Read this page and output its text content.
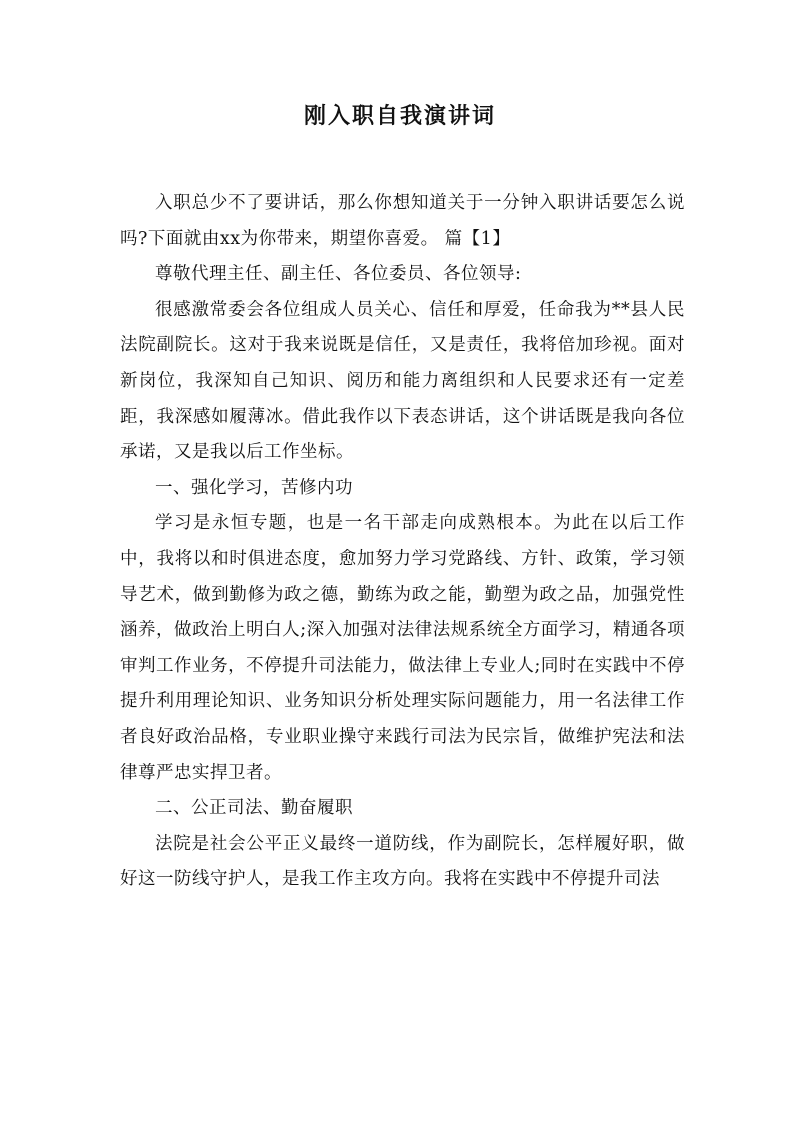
刚入职自我演讲词

入职总少不了要讲话，那么你想知道关于一分钟入职讲话要怎么说吗?下面就由xx为你带来，期望你喜爱。 篇【1】

尊敬代理主任、副主任、各位委员、各位领导:

很感激常委会各位组成人员关心、信任和厚爱，任命我为**县人民法院副院长。这对于我来说既是信任，又是责任，我将倍加珍视。面对新岗位，我深知自己知识、阅历和能力离组织和人民要求还有一定差距，我深感如履薄冰。借此我作以下表态讲话，这个讲话既是我向各位承诺，又是我以后工作坐标。

一、强化学习，苦修内功

学习是永恒专题，也是一名干部走向成熟根本。为此在以后工作中，我将以和时俱进态度，愈加努力学习党路线、方针、政策，学习领导艺术，做到勤修为政之德，勤练为政之能，勤塑为政之品，加强党性涵养，做政治上明白人;深入加强对法律法规系统全方面学习，精通各项审判工作业务，不停提升司法能力，做法律上专业人;同时在实践中不停提升利用理论知识、业务知识分析处理实际问题能力，用一名法律工作者良好政治品格，专业职业操守来践行司法为民宗旨，做维护宪法和法律尊严忠实捍卫者。

二、公正司法、勤奋履职

法院是社会公平正义最终一道防线，作为副院长，怎样履好职，做好这一防线守护人，是我工作主攻方向。我将在实践中不停提升司法
